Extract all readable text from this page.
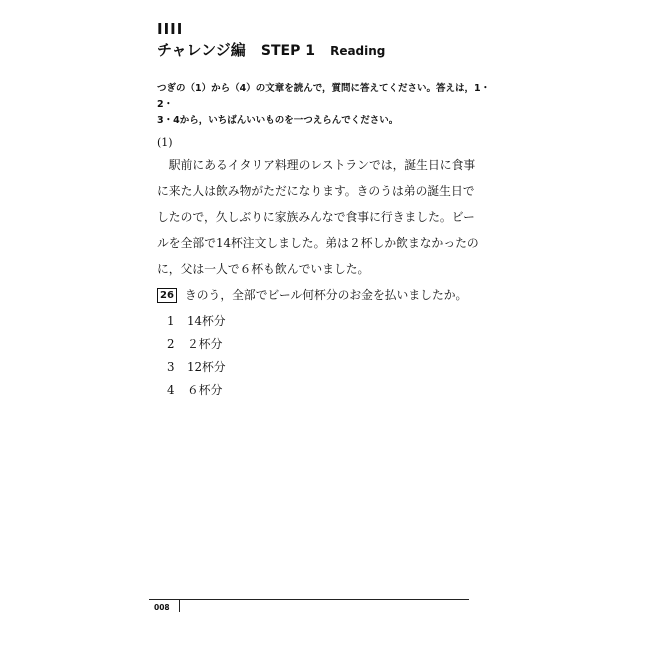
IIII
チャレンジ編 STEP 1 Reading
つぎの（1）から（4）の文章を読んで，質問に答えてください。答えは，1・2・
3・4から，いちばんいいものを一つえらんでください。
(1)
　駅前にあるイタリア料理のレストランでは，誕生日に食事
に来た人は飲み物がただになります。きのうは弟の誕生日で
したので，久しぶりに家族みんなで食事に行きました。ビー
ルを全部で14杯注文しました。弟は２杯しか飲まなかったの
に，父は一人で６杯も飲んでいました。
26 きのう，全部でビール何杯分のお金を払いましたか。
1 14杯分
2 ２杯分
3 12杯分
4 ６杯分
008
